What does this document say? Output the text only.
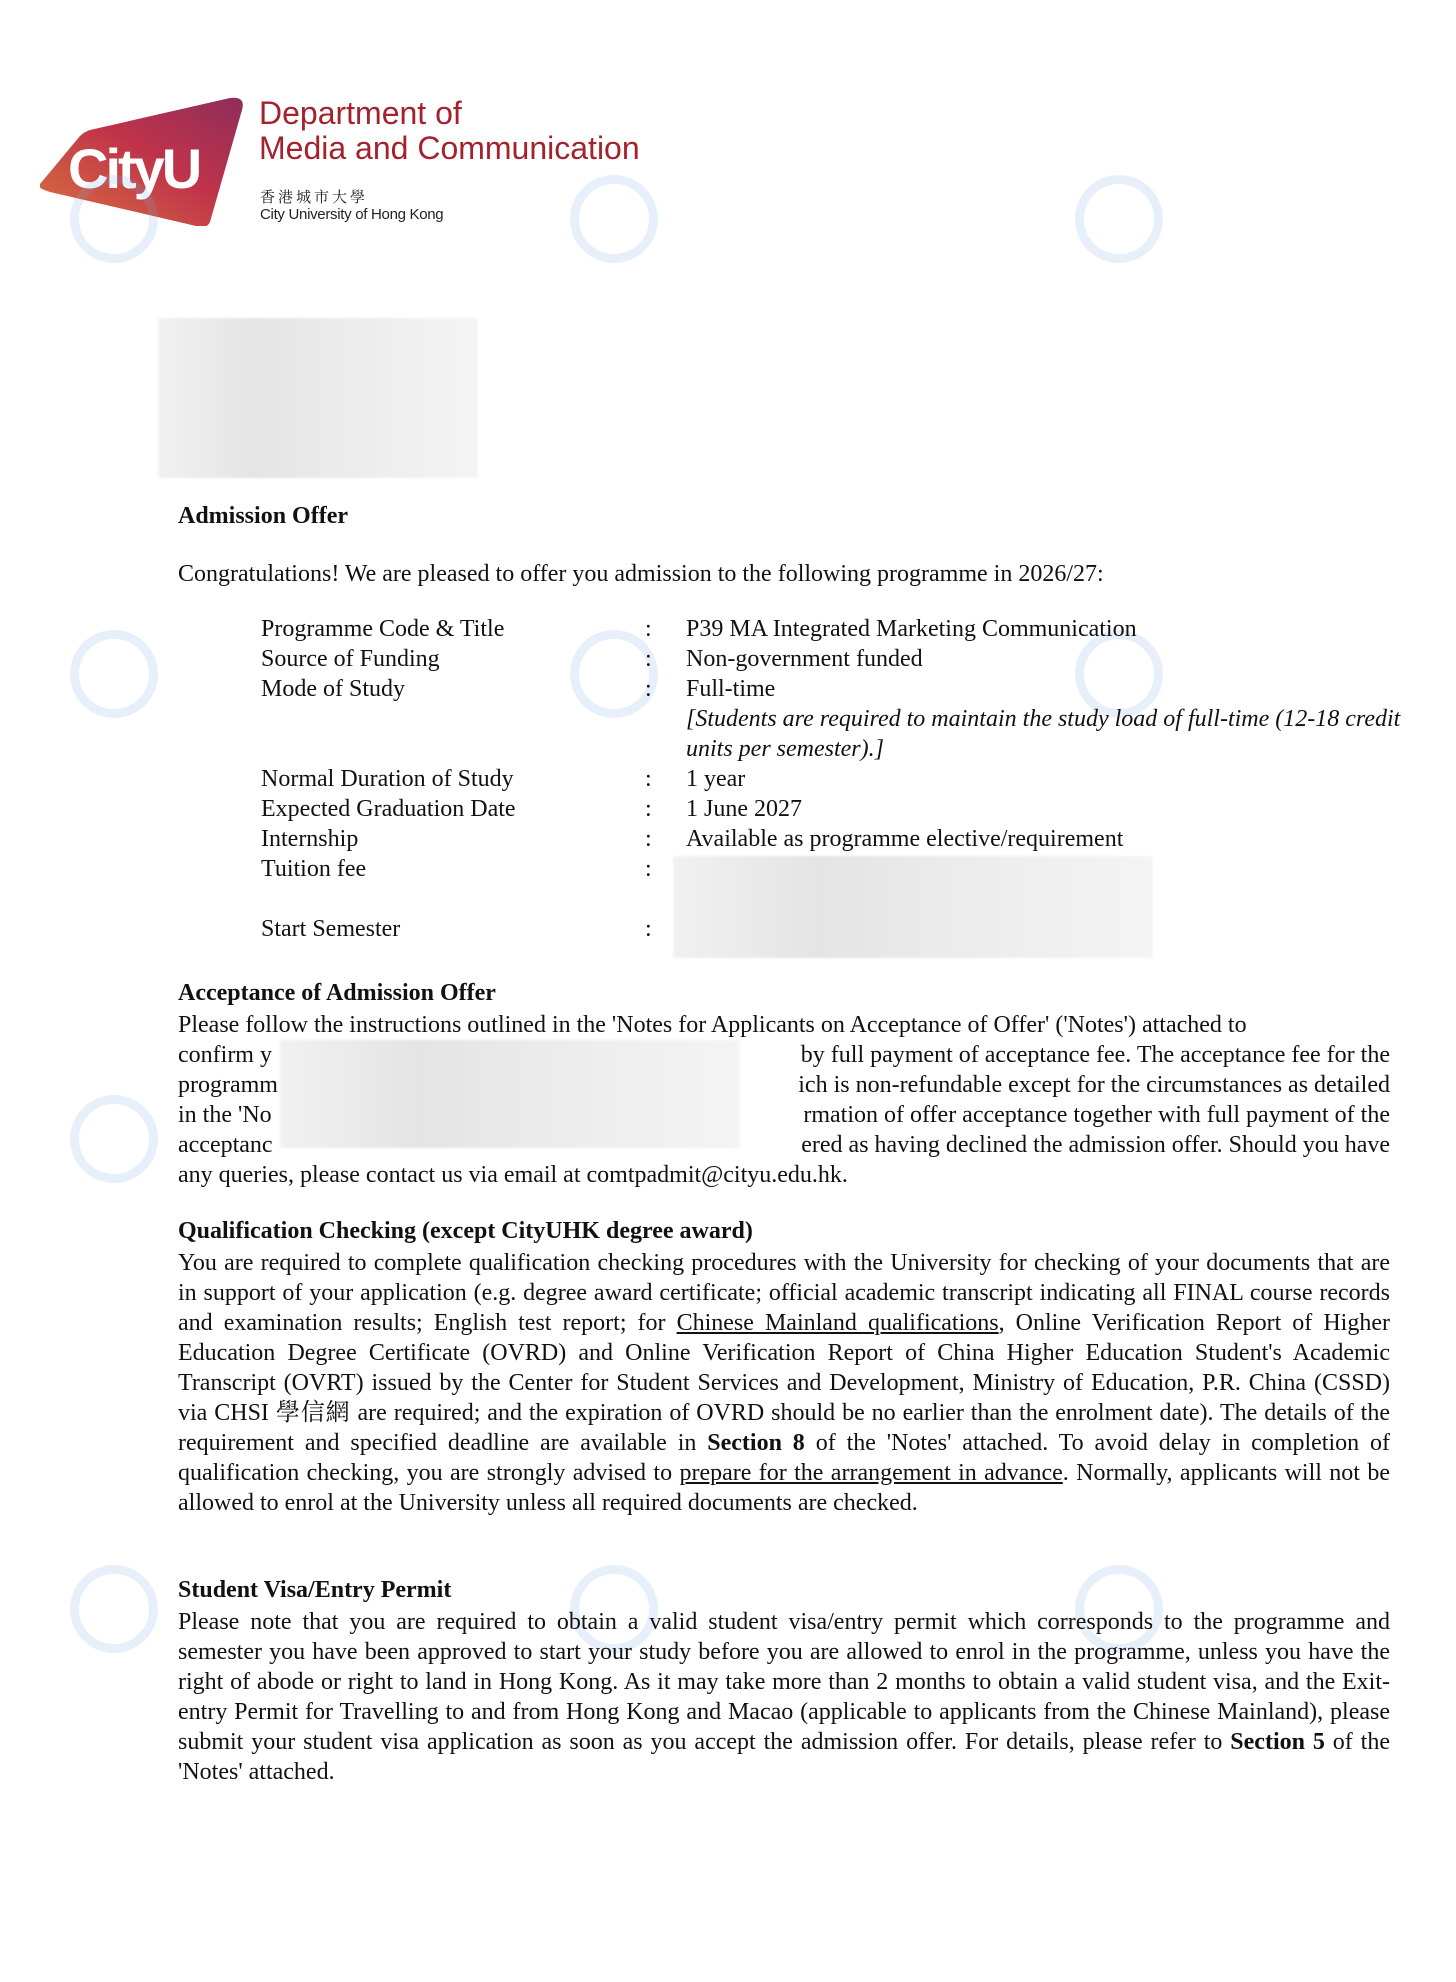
CityU
Department of
Media and Communication
香港城市大學
City University of Hong Kong
Admission Offer
Congratulations! We are pleased to offer you admission to the following programme in 2026/27:
Programme Code & Title	: P39 MA Integrated Marketing Communication
Source of Funding	: Non-government funded
Mode of Study	: Full-time
[Students are required to maintain the study load of full-time (12-18 credit units per semester).]
Normal Duration of Study	: 1 year
Expected Graduation Date	: 1 June 2027
Internship	: Available as programme elective/requirement
Tuition fee	:
Start Semester	:
Acceptance of Admission Offer
Please follow the instructions outlined in the 'Notes for Applicants on Acceptance of Offer' ('Notes') attached to
confirm y	by full payment of acceptance fee. The acceptance fee for the
programm	ich is non-refundable except for the circumstances as detailed
in the 'No	rmation of offer acceptance together with full payment of the
acceptanc	ered as having declined the admission offer. Should you have
any queries, please contact us via email at comtpadmit@cityu.edu.hk.
Qualification Checking (except CityUHK degree award)
You are required to complete qualification checking procedures with the University for checking of your documents that are in support of your application (e.g. degree award certificate; official academic transcript indicating all FINAL course records and examination results; English test report; for Chinese Mainland qualifications, Online Verification Report of Higher Education Degree Certificate (OVRD) and Online Verification Report of China Higher Education Student's Academic Transcript (OVRT) issued by the Center for Student Services and Development, Ministry of Education, P.R. China (CSSD) via CHSI 學信網 are required; and the expiration of OVRD should be no earlier than the enrolment date). The details of the requirement and specified deadline are available in Section 8 of the 'Notes' attached. To avoid delay in completion of qualification checking, you are strongly advised to prepare for the arrangement in advance. Normally, applicants will not be allowed to enrol at the University unless all required documents are checked.
Student Visa/Entry Permit
Please note that you are required to obtain a valid student visa/entry permit which corresponds to the programme and semester you have been approved to start your study before you are allowed to enrol in the programme, unless you have the right of abode or right to land in Hong Kong. As it may take more than 2 months to obtain a valid student visa, and the Exit-entry Permit for Travelling to and from Hong Kong and Macao (applicable to applicants from the Chinese Mainland), please submit your student visa application as soon as you accept the admission offer. For details, please refer to Section 5 of the 'Notes' attached.
